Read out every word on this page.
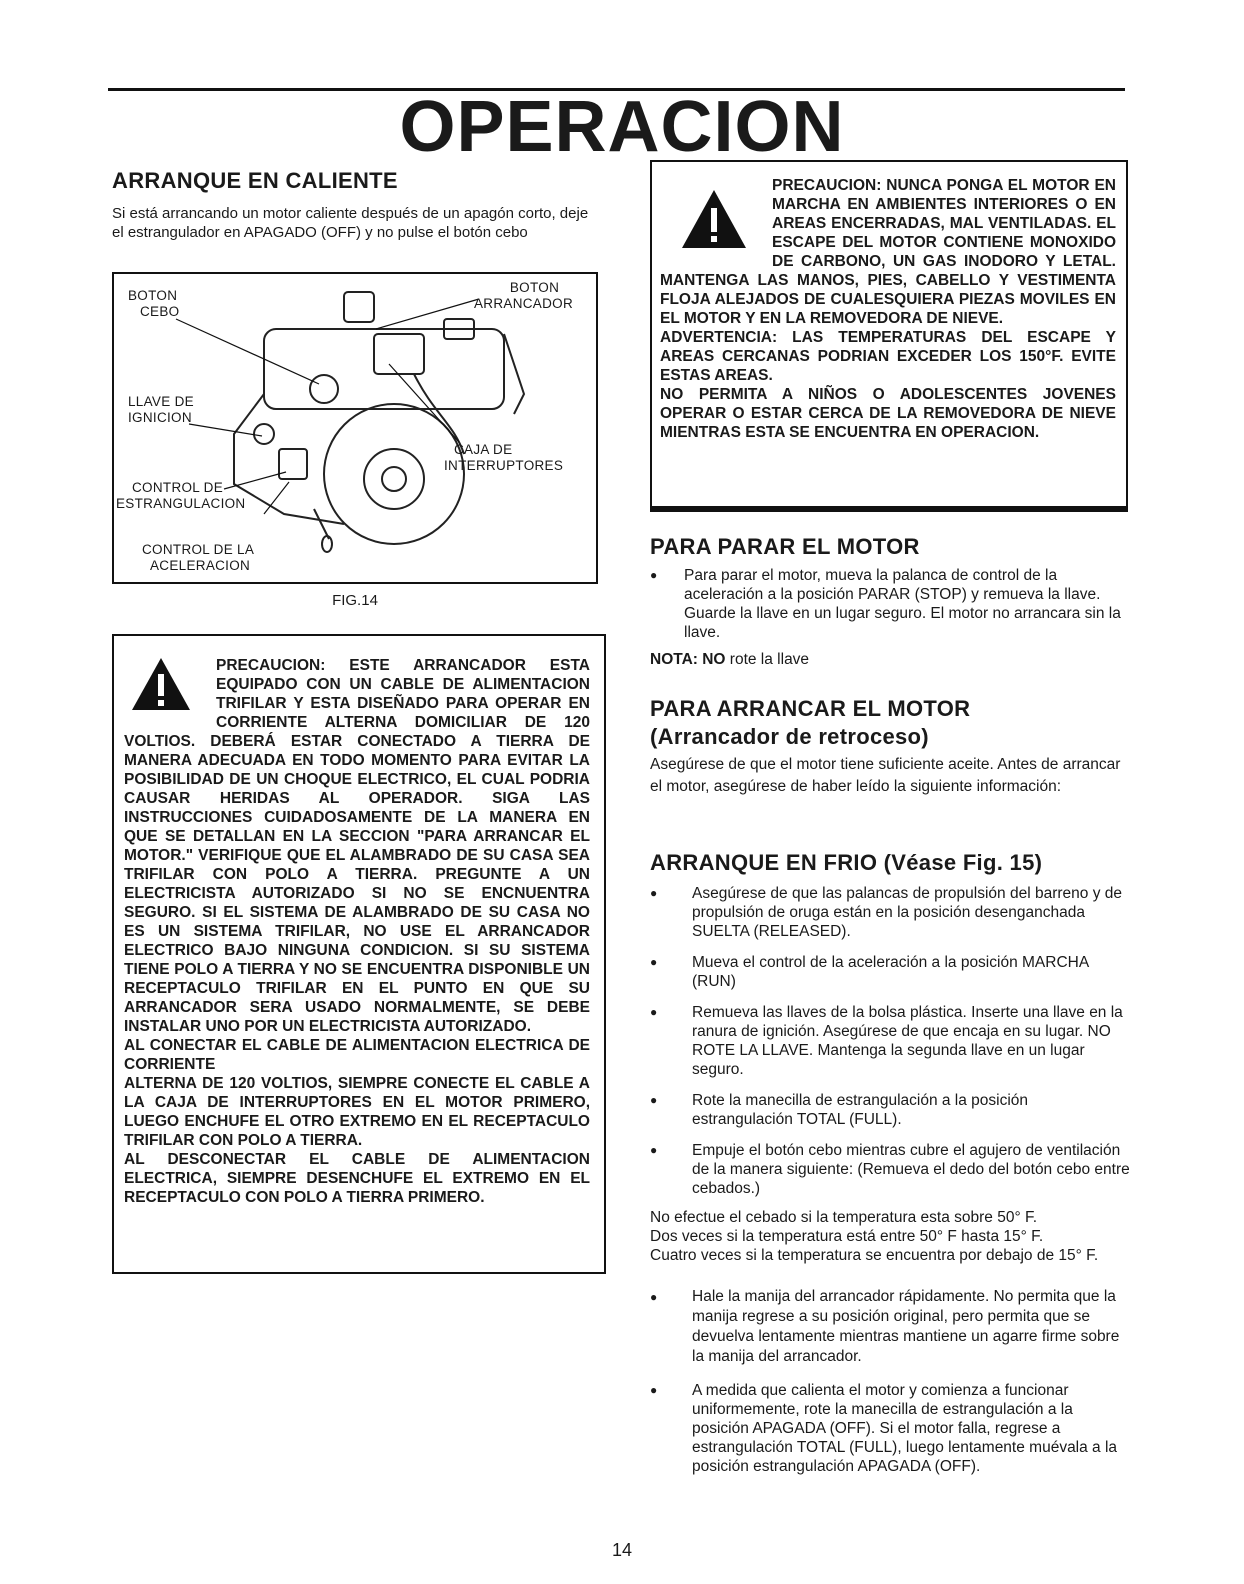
OPERACION
ARRANQUE EN CALIENTE

Si está arrancando un motor caliente después de un apagón corto, deje el estrangulador en APAGADO (OFF) y no pulse el botón cebo

BOTON
CEBO
BOTON
ARRANCADOR
LLAVE DE
IGNICION
CAJA DE
INTERRUPTORES
CONTROL DE
ESTRANGULACION
CONTROL DE LA
ACELERACION
FIG.14

PRECAUCION: ESTE ARRANCADOR ESTA EQUIPADO CON UN CABLE DE ALIMENTACION TRIFILAR Y ESTA DISEÑADO PARA OPERAR EN CORRIENTE ALTERNA DOMICILIAR DE 120 VOLTIOS. DEBERÁ ESTAR CONECTADO A TIERRA DE MANERA ADECUADA EN TODO MOMENTO PARA EVITAR LA POSIBILIDAD DE UN CHOQUE ELECTRICO, EL CUAL PODRIA CAUSAR HERIDAS AL OPERADOR. SIGA LAS INSTRUCCIONES CUIDADOSAMENTE DE LA MANERA EN QUE SE DETALLAN EN LA SECCION "PARA ARRANCAR EL MOTOR." VERIFIQUE QUE EL ALAMBRADO DE SU CASA SEA TRIFILAR CON POLO A TIERRA. PREGUNTE A UN ELECTRICISTA AUTORIZADO SI NO SE ENCNUENTRA SEGURO. SI EL SISTEMA DE ALAMBRADO DE SU CASA NO ES UN SISTEMA TRIFILAR, NO USE EL ARRANCADOR ELECTRICO BAJO NINGUNA CONDICION. SI SU SISTEMA TIENE POLO A TIERRA Y NO SE ENCUENTRA DISPONIBLE UN RECEPTACULO TRIFILAR EN EL PUNTO EN QUE SU ARRANCADOR SERA USADO NORMALMENTE, SE DEBE INSTALAR UNO POR UN ELECTRICISTA AUTORIZADO.

AL CONECTAR EL CABLE DE ALIMENTACION ELECTRICA DE CORRIENTE

ALTERNA DE 120 VOLTIOS, SIEMPRE CONECTE EL CABLE A LA CAJA DE INTERRUPTORES EN EL MOTOR PRIMERO, LUEGO ENCHUFE EL OTRO EXTREMO EN EL RECEPTACULO TRIFILAR CON POLO A TIERRA.

AL DESCONECTAR EL CABLE DE ALIMENTACION ELECTRICA, SIEMPRE DESENCHUFE EL EXTREMO EN EL RECEPTACULO CON POLO A TIERRA PRIMERO.

PRECAUCION: NUNCA PONGA EL MOTOR EN MARCHA EN AMBIENTES INTERIORES O EN AREAS ENCERRADAS, MAL VENTILADAS. EL ESCAPE DEL MOTOR CONTIENE MONOXIDO DE CARBONO, UN GAS INODORO Y LETAL. MANTENGA LAS MANOS, PIES, CABELLO Y VESTIMENTA FLOJA ALEJADOS DE CUALESQUIERA PIEZAS MOVILES EN EL MOTOR Y EN LA REMOVEDORA DE NIEVE.

ADVERTENCIA: LAS TEMPERATURAS DEL ESCAPE Y AREAS CERCANAS PODRIAN EXCEDER LOS 150°F. EVITE ESTAS AREAS.

NO PERMITA A NIÑOS O ADOLESCENTES JOVENES OPERAR O ESTAR CERCA DE LA REMOVEDORA DE NIEVE MIENTRAS ESTA SE ENCUENTRA EN OPERACION.

PARA PARAR EL MOTOR
● Para parar el motor, mueva la palanca de control de la aceleración a la posición PARAR (STOP) y remueva la llave. Guarde la llave en un lugar seguro. El motor no arrancara sin la llave.

NOTA: NO rote la llave

PARA ARRANCAR EL MOTOR
(Arrancador de retroceso)

Asegúrese de que el motor tiene suficiente aceite. Antes de arrancar el motor, asegúrese de haber leído la siguiente información:

ARRANQUE EN FRIO (Véase Fig. 15)
● Asegúrese de que las palancas de propulsión del barreno y de propulsión de oruga están en la posición desenganchada SUELTA (RELEASED).
● Mueva el control de la aceleración a la posición MARCHA (RUN)
● Remueva las llaves de la bolsa plástica. Inserte una llave en la ranura de ignición. Asegúrese de que encaja en su lugar. NO ROTE LA LLAVE. Mantenga la segunda llave en un lugar seguro.
● Rote la manecilla de estrangulación a la posición estrangulación TOTAL (FULL).
● Empuje el botón cebo mientras cubre el agujero de ventilación de la manera siguiente: (Remueva el dedo del botón cebo entre cebados.)

No efectue el cebado si la temperatura esta sobre 50° F.

Dos veces si la temperatura está entre 50° F hasta 15° F.

Cuatro veces si la temperatura se encuentra por debajo de 15° F.

● Hale la manija del arrancador rápidamente. No permita que la manija regrese a su posición original, pero permita que se devuelva lentamente mientras mantiene un agarre firme sobre la manija del arrancador.
● A medida que calienta el motor y comienza a funcionar uniformemente, rote la manecilla de estrangulación a la posición APAGADA (OFF). Si el motor falla, regrese a estrangulación TOTAL (FULL), luego lentamente muévala a la posición estrangulación APAGADA (OFF).
14
